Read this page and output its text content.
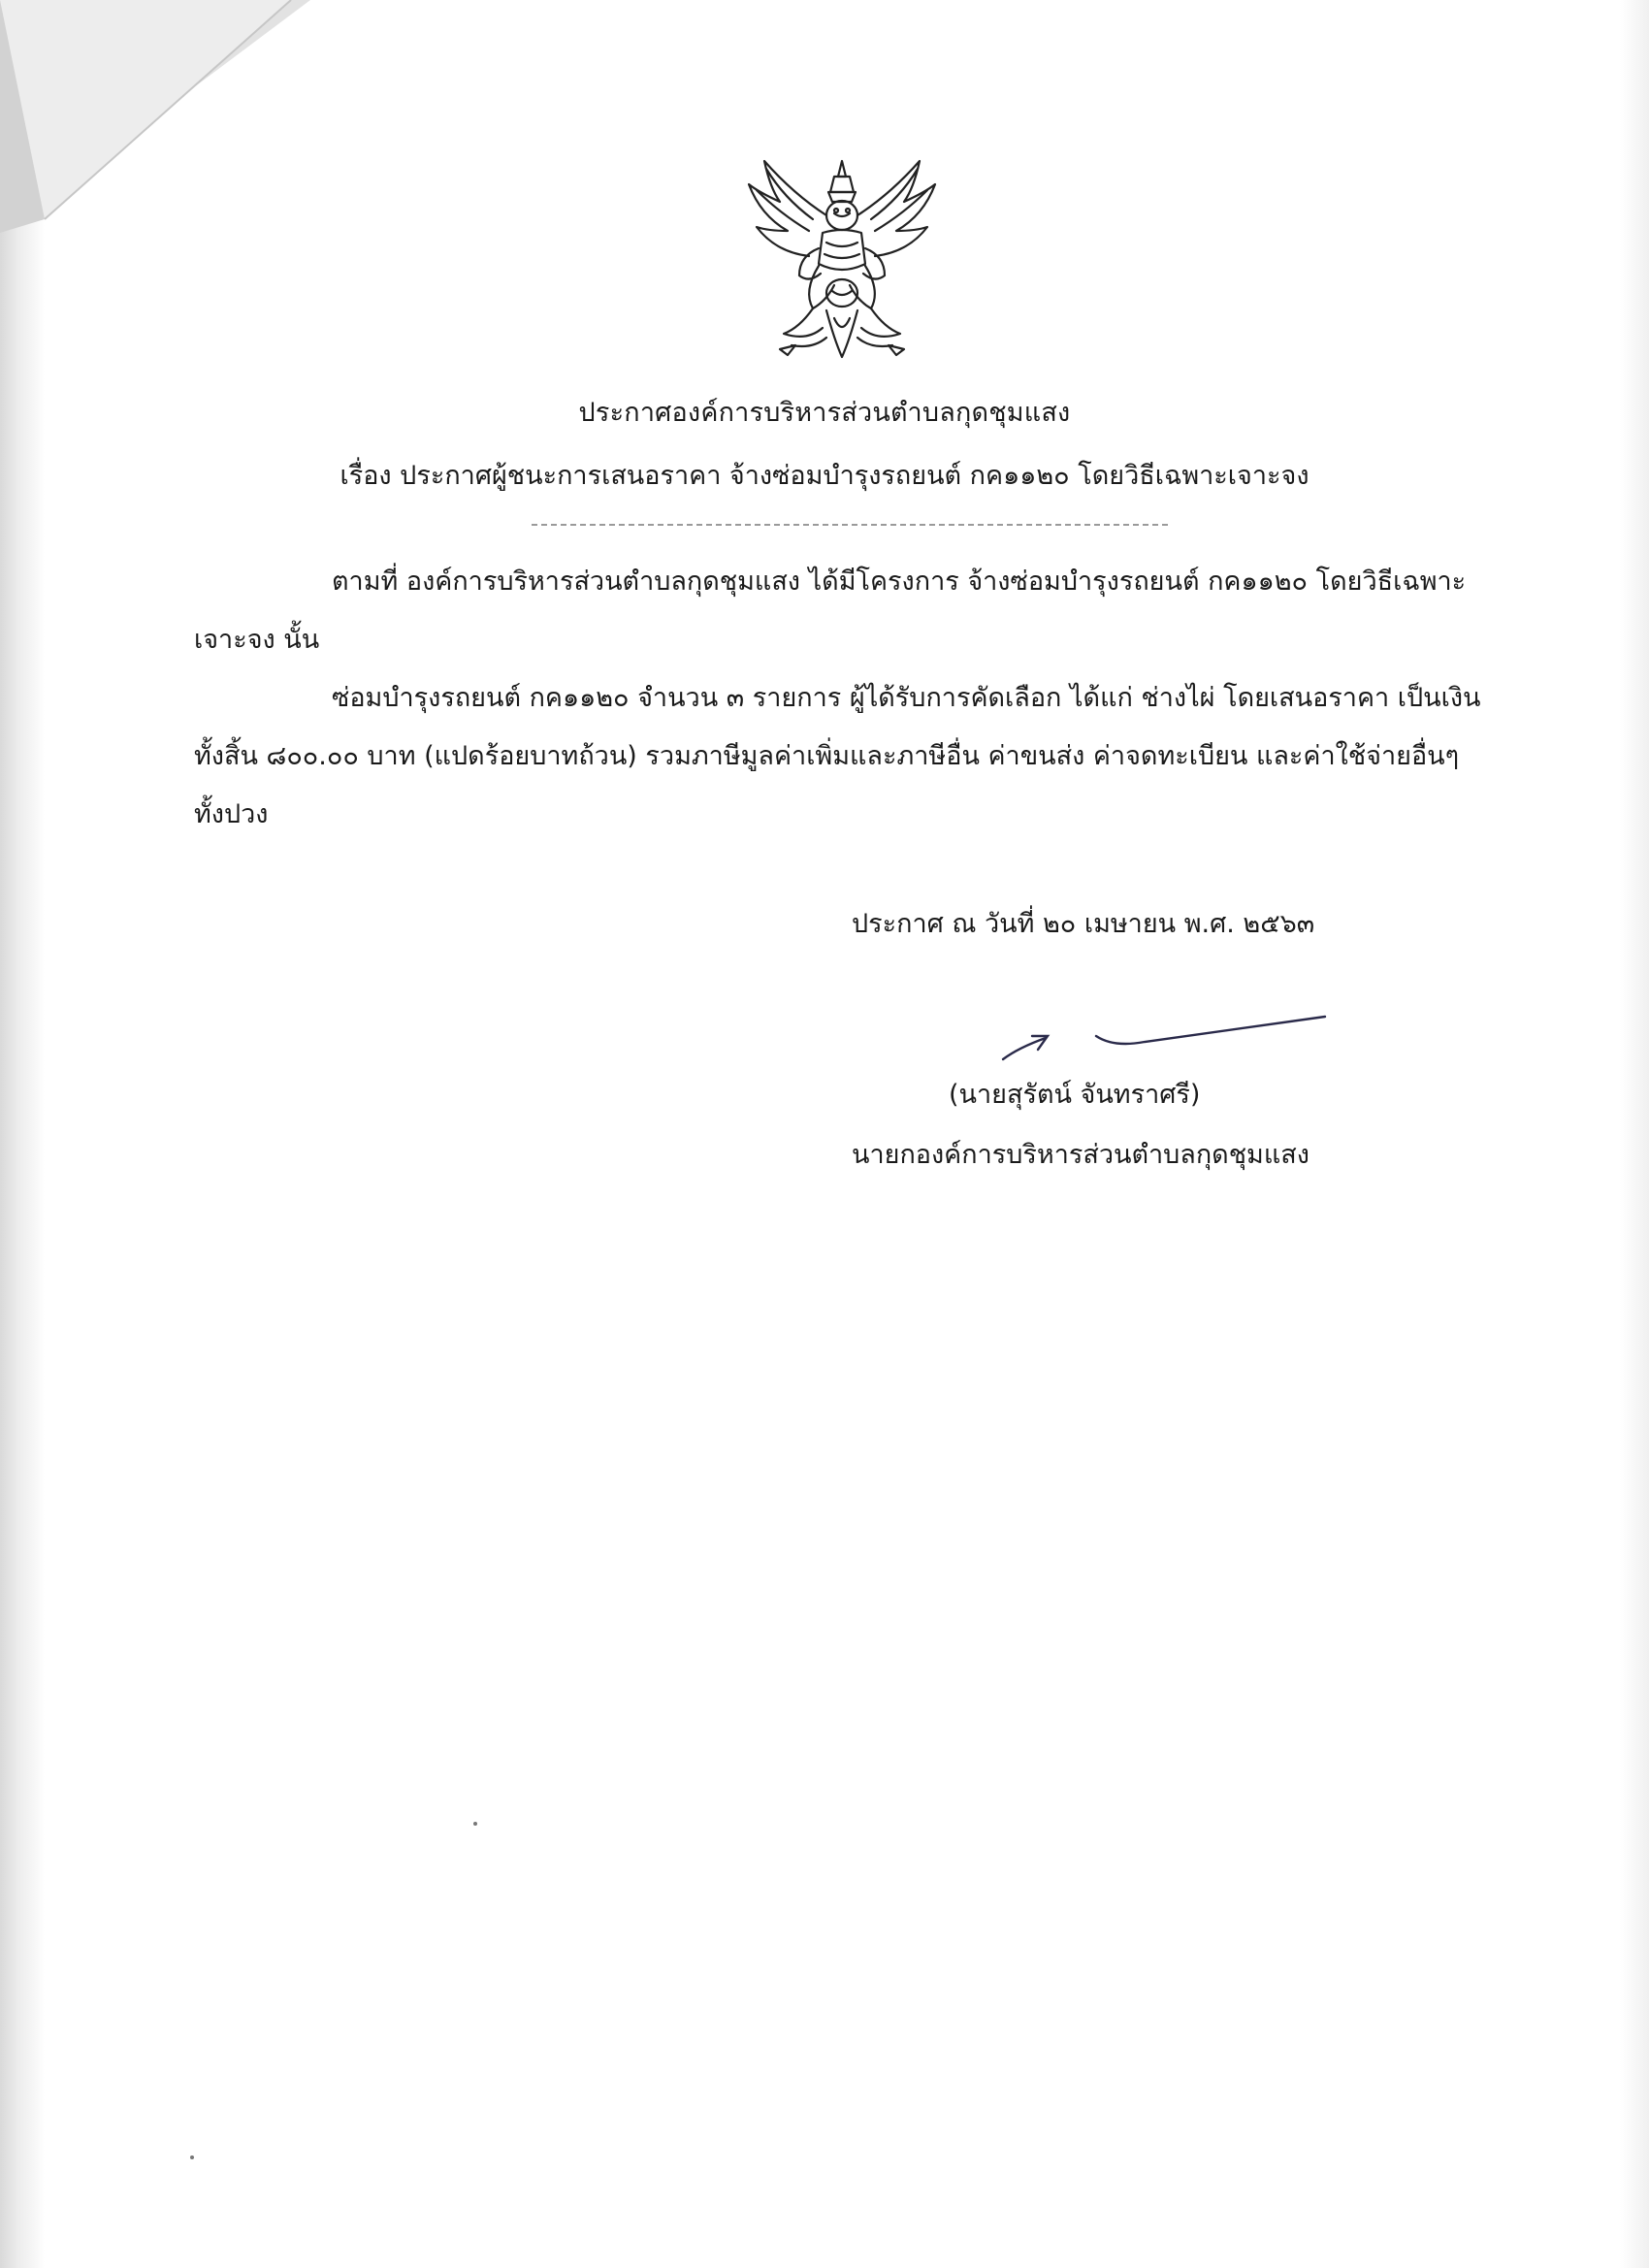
ประกาศองค์การบริหารส่วนตำบลกุดชุมแสง
เรื่อง ประกาศผู้ชนะการเสนอราคา จ้างซ่อมบำรุงรถยนต์ กค๑๑๒๐ โดยวิธีเฉพาะเจาะจง
ตามที่ องค์การบริหารส่วนตำบลกุดชุมแสง ได้มีโครงการ จ้างซ่อมบำรุงรถยนต์ กค๑๑๒๐ โดยวิธีเฉพาะเจาะจง นั้น
ซ่อมบำรุงรถยนต์ กค๑๑๒๐ จำนวน ๓ รายการ ผู้ได้รับการคัดเลือก ได้แก่ ช่างไผ่ โดยเสนอราคา เป็นเงินทั้งสิ้น ๘๐๐.๐๐ บาท (แปดร้อยบาทถ้วน) รวมภาษีมูลค่าเพิ่มและภาษีอื่น ค่าขนส่ง ค่าจดทะเบียน และค่าใช้จ่ายอื่นๆ ทั้งปวง
ประกาศ ณ วันที่ ๒๐ เมษายน พ.ศ. ๒๕๖๓
(นายสุรัตน์ จันทราศรี)
นายกองค์การบริหารส่วนตำบลกุดชุมแสง
